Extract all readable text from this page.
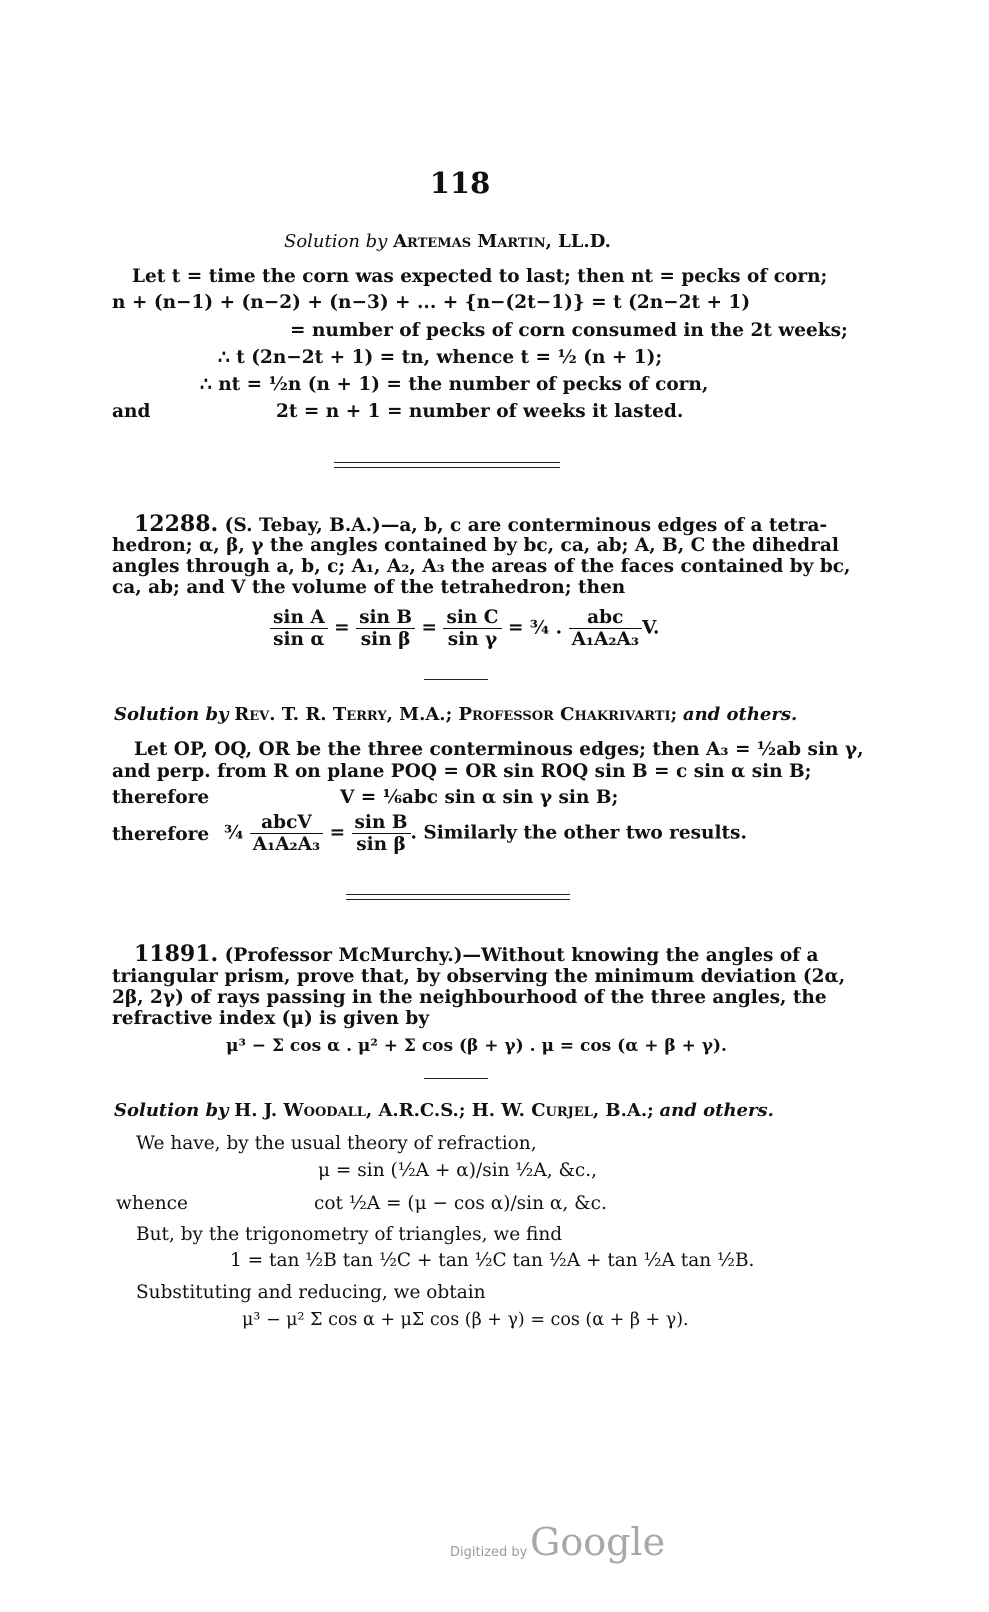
118
Solution by Artemas Martin, LL.D.
Let t = time the corn was expected to last; then nt = pecks of corn;
n + (n−1) + (n−2) + (n−3) + ... + {n−(2t−1)} = t (2n−2t + 1)
= number of pecks of corn consumed in the 2t weeks;
∴ t (2n−2t + 1) = tn, whence t = ½ (n + 1);
∴ nt = ½n (n + 1) = the number of pecks of corn,
and	2t = n + 1 = number of weeks it lasted.
12288. (S. Tebay, B.A.)—a, b, c are conterminous edges of a tetra-
hedron; α, β, γ the angles contained by bc, ca, ab; A, B, C the dihedral
angles through a, b, c; A₁, A₂, A₃ the areas of the faces contained by bc,
ca, ab; and V the volume of the tetrahedron; then
$\frac{\text{sin A}}{\text{sin α}} = \frac{\text{sin B}}{\text{sin β}} = \frac{\text{sin C}}{\text{sin γ}}$ = ¾ . $\frac{\text{abc}}{\text{A₁A₂A₃}} V$.
Solution by Rev. T. R. Terry, M.A.; Professor Chakrivarti; and others.
Let OP, OQ, OR be the three conterminous edges; then A₃ = ½ab sin γ,
and perp. from R on plane POQ = OR sin ROQ sin B = c sin α sin B;
therefore	V = ⅙abc sin α sin γ sin B;
therefore ¾ $\frac{\text{abcV}}{\text{A₁A₂A₃}} = \frac{\text{sin B}}{\text{sin β}}$ . Similarly the other two results.
11891. (Professor McMurchy.)—Without knowing the angles of a
triangular prism, prove that, by observing the minimum deviation (2α,
2β, 2γ) of rays passing in the neighbourhood of the three angles, the
refractive index (μ) is given by
μ³ − Σ cos α . μ² + Σ cos (β + γ) . μ = cos (α + β + γ).
Solution by H. J. Woodall, A.R.C.S.; H. W. Curjel, B.A.; and others.
We have, by the usual theory of refraction,
μ = sin (½A + α)/sin ½A, &c.,
whence	cot ½A = (μ − cos α)/sin α, &c.
But, by the trigonometry of triangles, we find
1 = tan ½B tan ½C + tan ½C tan ½A + tan ½A tan ½B.
Substituting and reducing, we obtain
μ³ − μ² Σ cos α + μΣ cos (β + γ) = cos (α + β + γ).
Digitized by Google
